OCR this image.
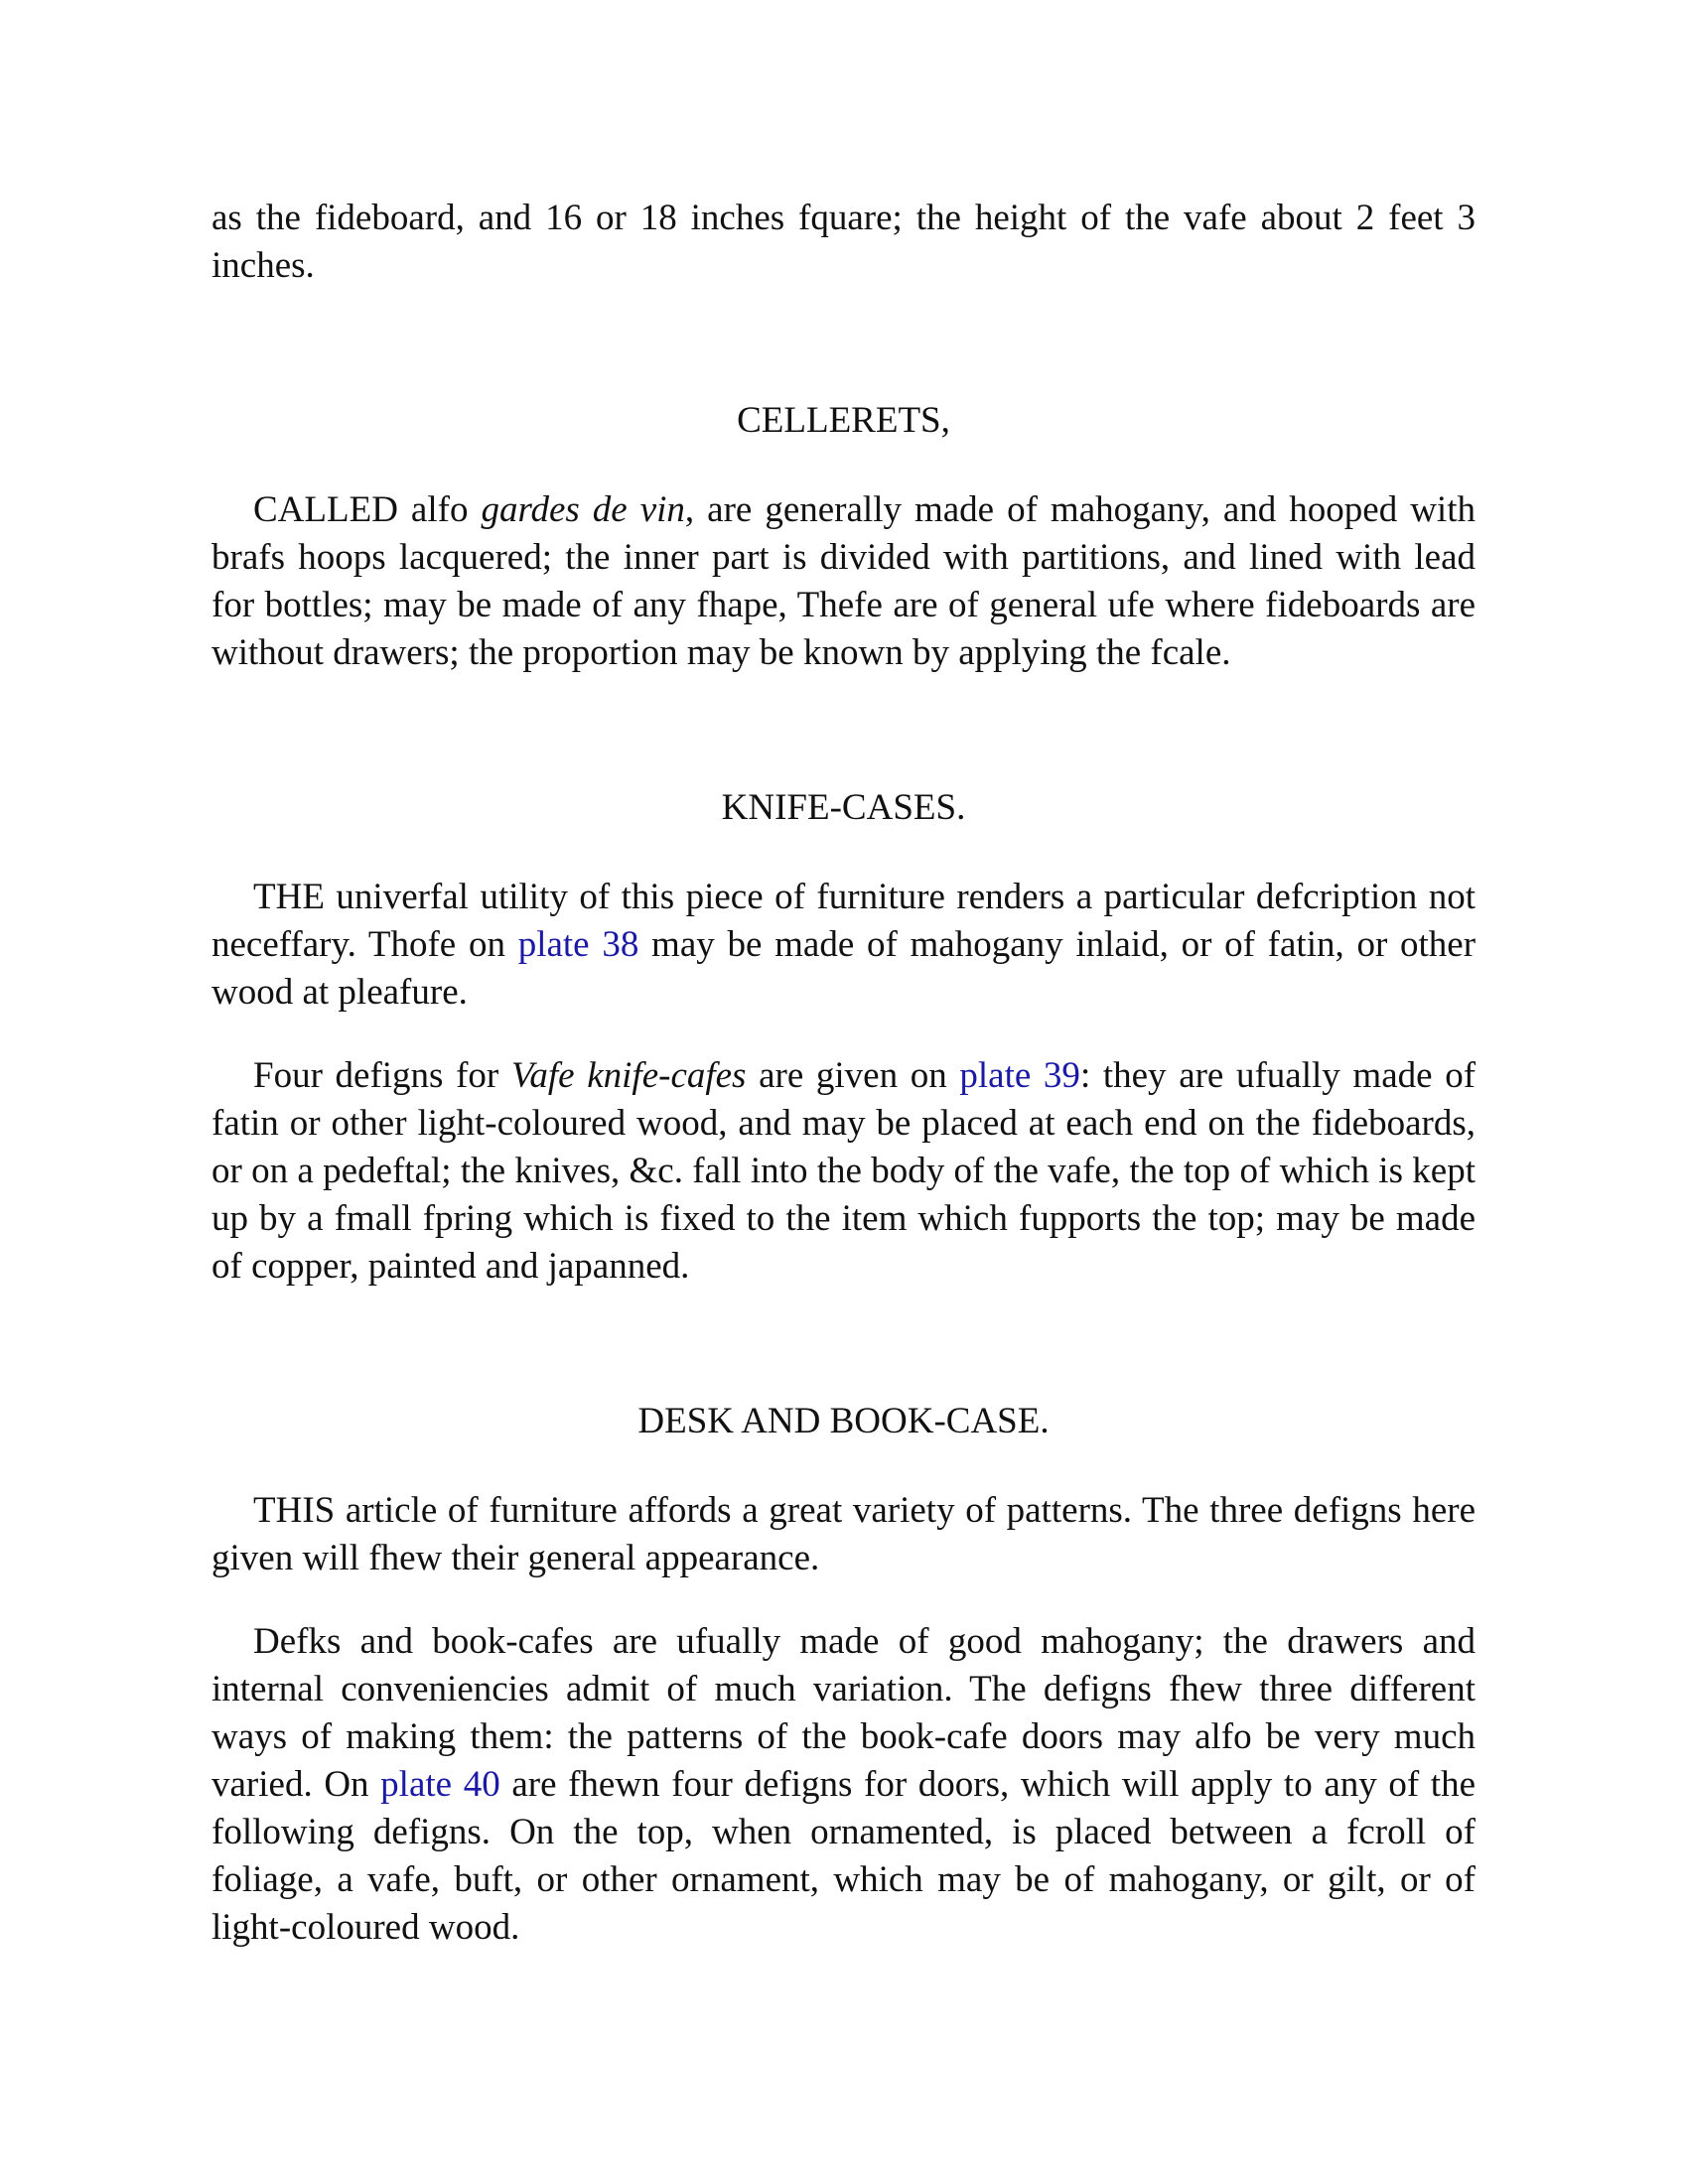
as the fideboard, and 16 or 18 inches fquare; the height of the vafe about 2 feet 3 inches.

CELLERETS,

CALLED alfo gardes de vin, are generally made of mahogany, and hooped with brafs hoops lacquered; the inner part is divided with partitions, and lined with lead for bottles; may be made of any fhape, Thefe are of general ufe where fideboards are without drawers; the proportion may be known by applying the fcale.

KNIFE-CASES.

THE univerfal utility of this piece of furniture renders a particular defcription not neceffary. Thofe on plate 38 may be made of mahogany inlaid, or of fatin, or other wood at pleafure.

Four defigns for Vafe knife-cafes are given on plate 39: they are ufually made of fatin or other light-coloured wood, and may be placed at each end on the fideboards, or on a pedeftal; the knives, &c. fall into the body of the vafe, the top of which is kept up by a fmall fpring which is fixed to the item which fupports the top; may be made of copper, painted and japanned.

DESK AND BOOK-CASE.

THIS article of furniture affords a great variety of patterns. The three defigns here given will fhew their general appearance.

Defks and book-cafes are ufually made of good mahogany; the drawers and internal conveniencies admit of much variation. The defigns fhew three different ways of making them: the patterns of the book-cafe doors may alfo be very much varied. On plate 40 are fhewn four defigns for doors, which will apply to any of the following defigns. On the top, when ornamented, is placed between a fcroll of foliage, a vafe, buft, or other ornament, which may be of mahogany, or gilt, or of light-coloured wood.
